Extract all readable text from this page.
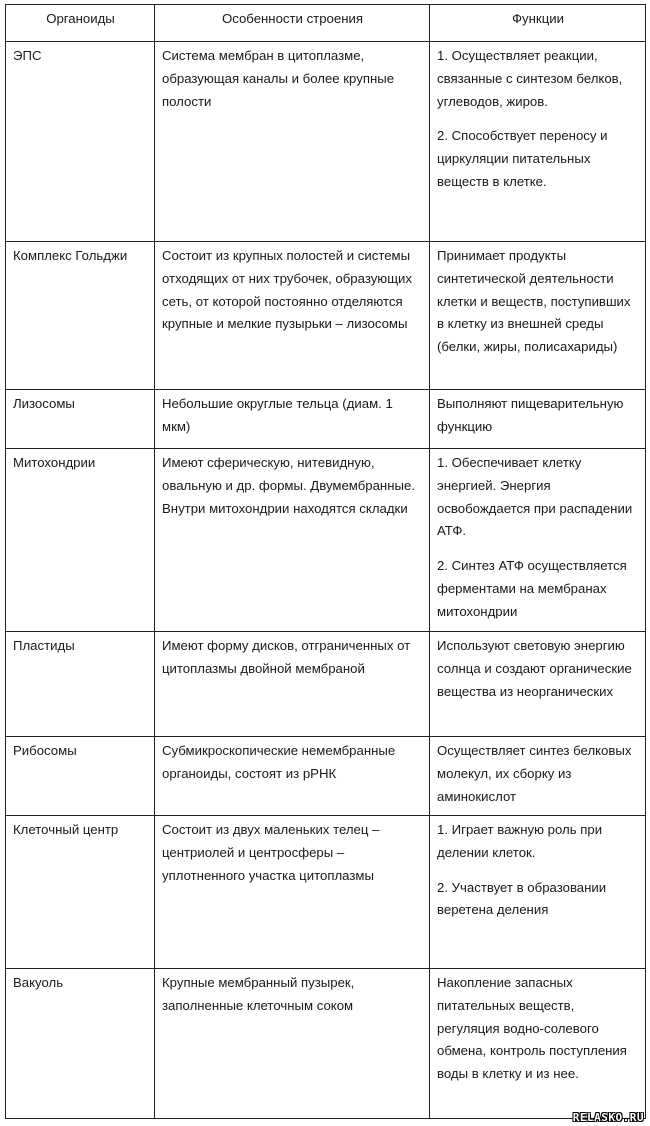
Органоиды	Особенности строения	Функции
ЭПС	Система мембран в цитоплазме, образующая каналы и более крупные полости	1. Осуществляет реакции, связанные с синтезом белков, углеводов, жиров.
2. Способствует переносу и циркуляции питательных веществ в клетке.

Комплекс Гольджи	Состоит из крупных полостей и системы отходящих от них трубочек, образующих сеть, от которой постоянно отделяются крупные и мелкие пузырьки – лизосомы	Принимает продукты синтетической деятельности клетки и веществ, поступивших в клетку из внешней среды (белки, жиры, полисахариды)

Лизосомы	Небольшие округлые тельца (диам. 1 мкм)	Выполняют пищеварительную функцию

Митохондрии	Имеют сферическую, нитевидную, овальную и др. формы. Двумембранные. Внутри митохондрии находятся складки	1. Обеспечивает клетку энергией. Энергия освобождается при распадении АТФ.
2. Синтез АТФ осуществляется ферментами на мембранах митохондрии

Пластиды	Имеют форму дисков, отграниченных от цитоплазмы двойной мембраной	Используют световую энергию солнца и создают органические вещества из неорганических

Рибосомы	Субмикроскопические немембранные органоиды, состоят из рРНК	Осуществляет синтез белковых молекул, их сборку из аминокислот

Клеточный центр	Состоит из двух маленьких телец – центриолей и центросферы – уплотненного участка цитоплазмы	1. Играет важную роль при делении клеток.
2. Участвует в образовании веретена деления

Вакуоль	Крупные мембранный пузырек, заполненные клеточным соком	Накопление запасных питательных веществ, регуляция водно-солевого обмена, контроль поступления воды в клетку и из нее.
RELASKO.RU
